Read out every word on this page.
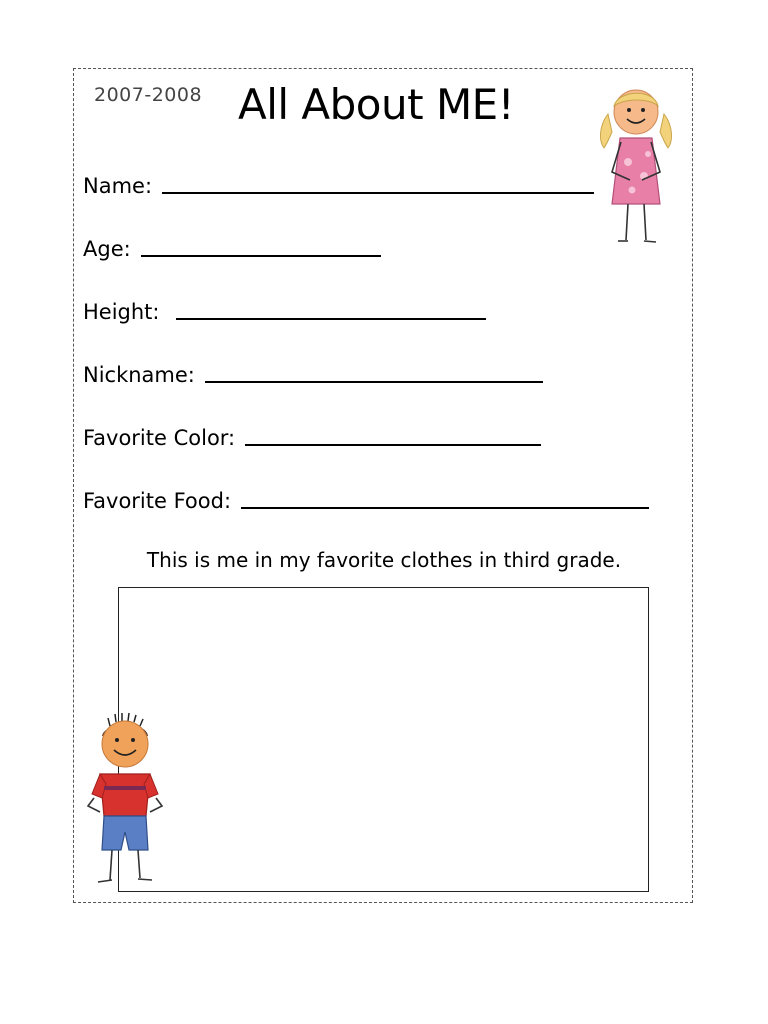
2007-2008 All About ME!
Name:
Age:
Height:
Nickname:
Favorite Color:
Favorite Food:
This is me in my favorite clothes in third grade.
